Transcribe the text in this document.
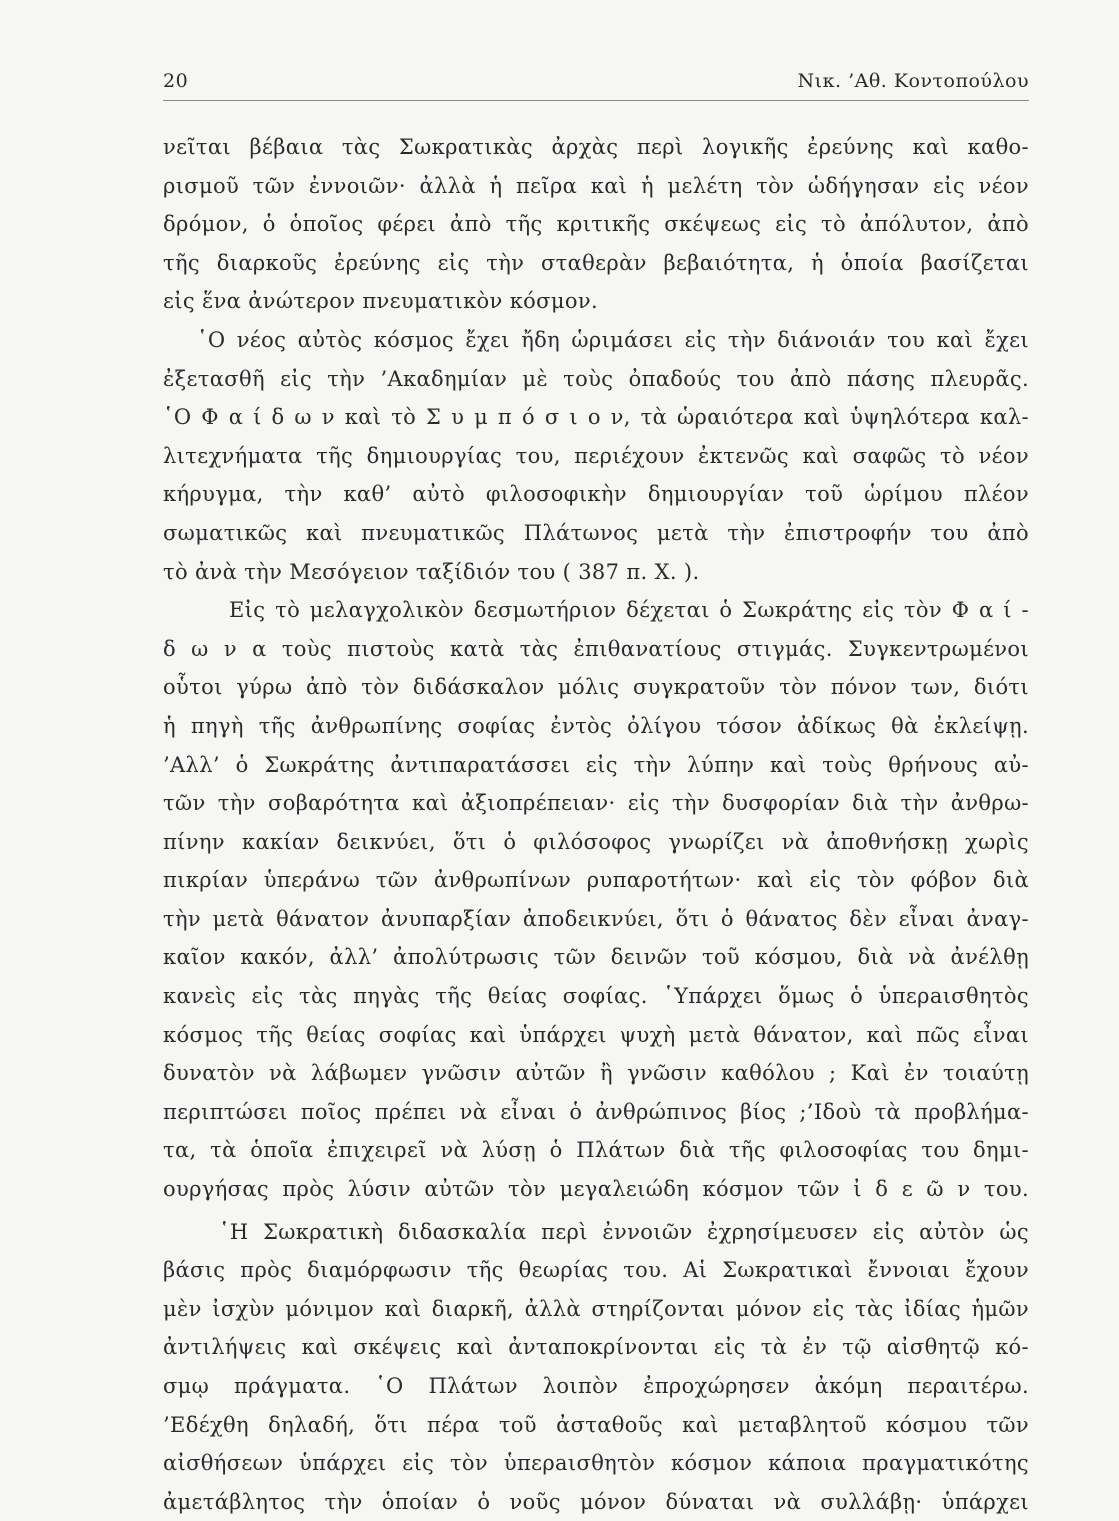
20	Νικ. ’Αθ. Κοντοπούλου
νεῖται βέβαια τὰς Σωκρατικὰς ἀρχὰς περὶ λογικῆς ἐρεύνης καὶ καθο-
ρισμοῦ τῶν ἐννοιῶν· ἀλλὰ ἡ πεῖρα καὶ ἡ μελέτη τὸν ὡδήγησαν εἰς νέον
δρόμον, ὁ ὁποῖος φέρει ἀπὸ τῆς κριτικῆς σκέψεως εἰς τὸ ἀπόλυτον, ἀπὸ
τῆς διαρκοῦς ἐρεύνης εἰς τὴν σταθερὰν βεβαιότητα, ἡ ὁποία βασίζεται
εἰς ἕνα ἀνώτερον πνευματικὸν κόσμον.
῾Ο νέος αὐτὸς κόσμος ἔχει ἤδη ὡριμάσει εἰς τὴν διάνοιάν του καὶ ἔχει
ἐξετασθῆ εἰς τὴν ’Ακαδημίαν μὲ τοὺς ὀπαδούς του ἀπὸ πάσης πλευρᾶς.
῾Ο Φ α ί δ ω ν καὶ τὸ Σ υ μ π ό σ ι ο ν, τὰ ὡραιότερα καὶ ὑψηλότερα καλ-
λιτεχνήματα τῆς δημιουργίας του, περιέχουν ἐκτενῶς καὶ σαφῶς τὸ νέον
κήρυγμα, τὴν καθ’ αὐτὸ φιλοσοφικὴν δημιουργίαν τοῦ ὡρίμου πλέον
σωματικῶς καὶ πνευματικῶς Πλάτωνος μετὰ τὴν ἐπιστροφήν του ἀπὸ
τὸ ἀνὰ τὴν Μεσόγειον ταξίδιόν του ( 387 π. Χ. ).
Εἰς τὸ μελαγχολικὸν δεσμωτήριον δέχεται ὁ Σωκράτης εἰς τὸν Φ α ί -
δ ω ν α τοὺς πιστοὺς κατὰ τὰς ἐπιθανατίους στιγμάς. Συγκεντρωμένοι
οὗτοι γύρω ἀπὸ τὸν διδάσκαλον μόλις συγκρατοῦν τὸν πόνον των, διότι
ἡ πηγὴ τῆς ἀνθρωπίνης σοφίας ἐντὸς ὀλίγου τόσον ἀδίκως θὰ ἐκλείψῃ.
’Αλλ’ ὁ Σωκράτης ἀντιπαρατάσσει εἰς τὴν λύπην καὶ τοὺς θρήνους αὐ-
τῶν τὴν σοβαρότητα καὶ ἀξιοπρέπειαν· εἰς τὴν δυσφορίαν διὰ τὴν ἀνθρω-
πίνην κακίαν δεικνύει, ὅτι ὁ φιλόσοφος γνωρίζει νὰ ἀποθνήσκῃ χωρὶς
πικρίαν ὑπεράνω τῶν ἀνθρωπίνων ρυπαροτήτων· καὶ εἰς τὸν φόβον διὰ
τὴν μετὰ θάνατον ἀνυπαρξίαν ἀποδεικνύει, ὅτι ὁ θάνατος δὲν εἶναι ἀναγ-
καῖον κακόν, ἀλλ’ ἀπολύτρωσις τῶν δεινῶν τοῦ κόσμου, διὰ νὰ ἀνέλθῃ
κανεὶς εἰς τὰς πηγὰς τῆς θείας σοφίας. ῾Υπάρχει ὅμως ὁ ὑπερaισθητὸς
κόσμος τῆς θείας σοφίας καὶ ὑπάρχει ψυχὴ μετὰ θάνατον, καὶ πῶς εἶναι
δυνατὸν νὰ λάβωμεν γνῶσιν αὐτῶν ἢ γνῶσιν καθόλου ; Καὶ ἐν τοιαύτῃ
περιπτώσει ποῖος πρέπει νὰ εἶναι ὁ ἀνθρώπινος βίος ;’Ιδοὺ τὰ προβλήμα-
τα, τὰ ὁποῖα ἐπιχειρεῖ νὰ λύσῃ ὁ Πλάτων διὰ τῆς φιλοσοφίας του δημι-
ουργήσας πρὸς λύσιν αὐτῶν τὸν μεγαλειώδη κόσμον τῶν ἰ δ ε ῶ ν του.
῾Η Σωκρατικὴ διδασκαλία περὶ ἐννοιῶν ἐχρησίμευσεν εἰς αὐτὸν ὡς
βάσις πρὸς διαμόρφωσιν τῆς θεωρίας του. Αἱ Σωκρατικαὶ ἔννοιαι ἔχουν
μὲν ἰσχὺν μόνιμον καὶ διαρκῆ, ἀλλὰ στηρίζονται μόνον εἰς τὰς ἰδίας ἡμῶν
ἀντιλήψεις καὶ σκέψεις καὶ ἀνταποκρίνονται εἰς τὰ ἐν τῷ αἰσθητῷ κό-
σμῳ πράγματα. ῾Ο Πλάτων λοιπὸν ἐπροχώρησεν ἀκόμη περαιτέρω.
’Εδέχθη δηλαδή, ὅτι πέρα τοῦ ἀσταθοῦς καὶ μεταβλητοῦ κόσμου τῶν
αἰσθήσεων ὑπάρχει εἰς τὸν ὑπερaισθητὸν κόσμον κάποια πραγματικότης
ἀμετάβλητος τὴν ὁποίαν ὁ νοῦς μόνον δύναται νὰ συλλάβῃ· ὑπάρχει
